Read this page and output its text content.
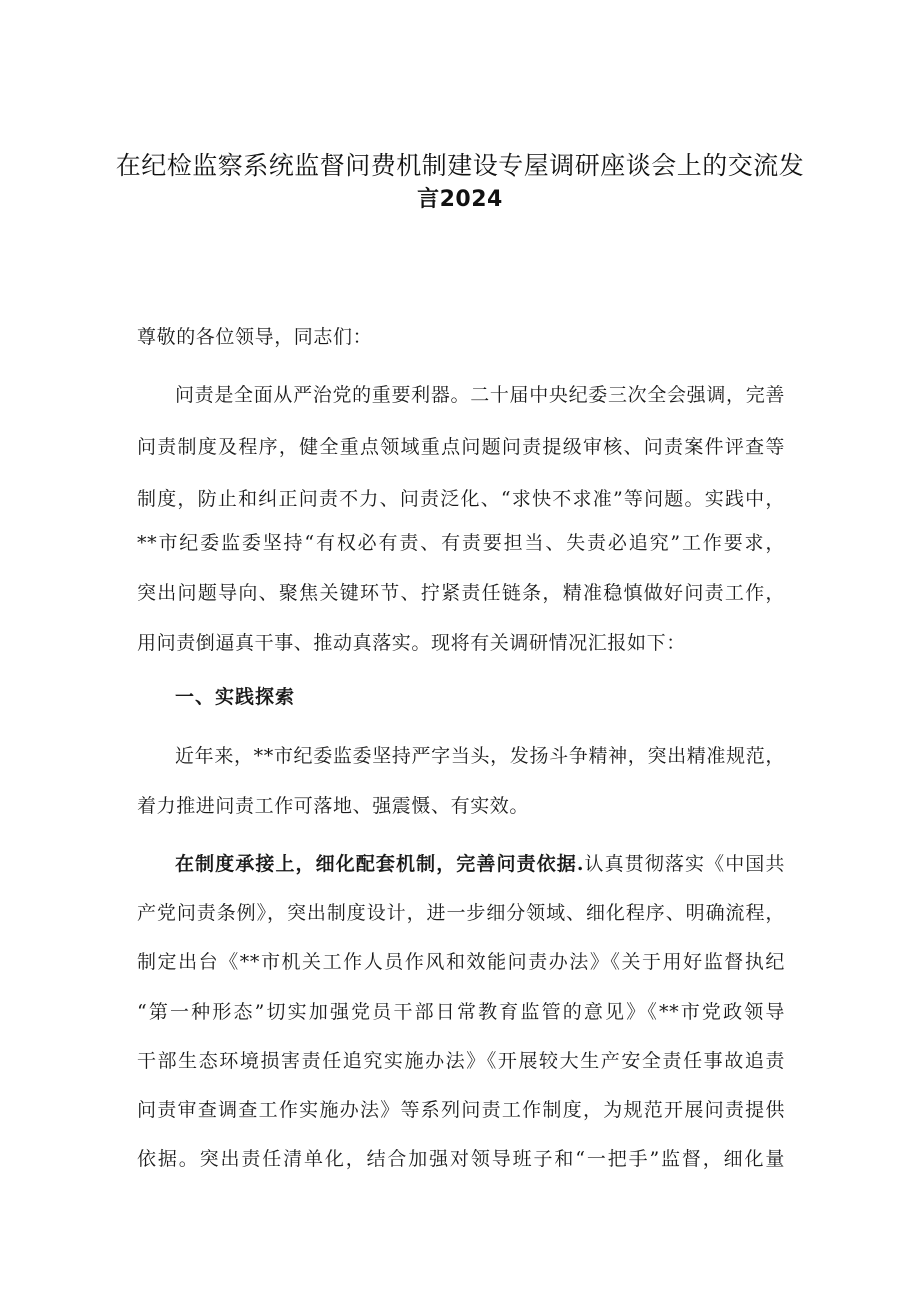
在纪检监察系统监督问费机制建设专屋调研座谈会上的交流发
言2024
尊敬的各位领导，同志们：
问责是全面从严治党的重要利器。二十届中央纪委三次全会强调，完善
问责制度及程序，健全重点领域重点问题问责提级审核、问责案件评查等
制度，防止和纠正问责不力、问责泛化、“求快不求准”等问题。实践中，
**市纪委监委坚持“有权必有责、有责要担当、失责必追究”工作要求，
突出问题导向、聚焦关键环节、拧紧责任链条，精准稳慎做好问责工作，
用问责倒逼真干事、推动真落实。现将有关调研情况汇报如下：
一、实践探索
近年来，**市纪委监委坚持严字当头，发扬斗争精神，突出精准规范，
着力推进问责工作可落地、强震慑、有实效。
在制度承接上，细化配套机制，完善问责依据.认真贯彻落实《中国共
产党问责条例》，突出制度设计，进一步细分领域、细化程序、明确流程，
制定出台《**市机关工作人员作风和效能问责办法》《关于用好监督执纪
“第一种形态”切实加强党员干部日常教育监管的意见》《**市党政领导
干部生态环境损害责任追究实施办法》《开展较大生产安全责任事故追责
问责审查调查工作实施办法》等系列问责工作制度，为规范开展问责提供
依据。突出责任清单化，结合加强对领导班子和“一把手”监督，细化量
